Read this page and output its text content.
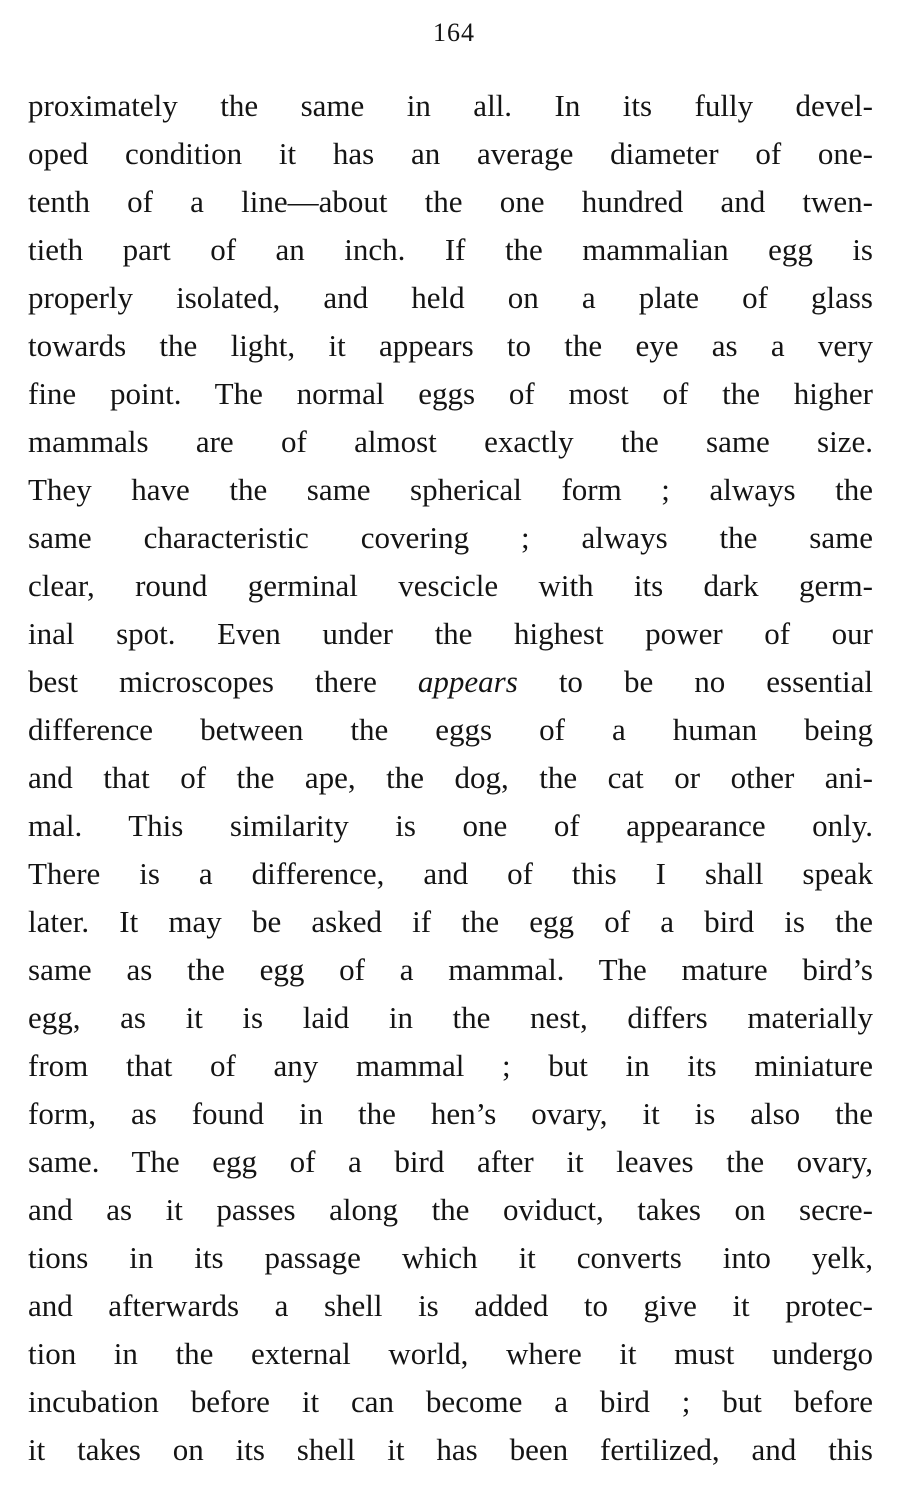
164
proximately the same in all. In its fully devel-
oped condition it has an average diameter of one-
tenth of a line—about the one hundred and twen-
tieth part of an inch. If the mammalian egg is
properly isolated, and held on a plate of glass
towards the light, it appears to the eye as a very
fine point. The normal eggs of most of the higher
mammals are of almost exactly the same size.
They have the same spherical form ; always the
same characteristic covering ; always the same
clear, round germinal vescicle with its dark germ-
inal spot. Even under the highest power of our
best microscopes there appears to be no essential
difference between the eggs of a human being
and that of the ape, the dog, the cat or other ani-
mal. This similarity is one of appearance only.
There is a difference, and of this I shall speak
later. It may be asked if the egg of a bird is the
same as the egg of a mammal. The mature bird’s
egg, as it is laid in the nest, differs materially
from that of any mammal ; but in its miniature
form, as found in the hen’s ovary, it is also the
same. The egg of a bird after it leaves the ovary,
and as it passes along the oviduct, takes on secre-
tions in its passage which it converts into yelk,
and afterwards a shell is added to give it protec-
tion in the external world, where it must undergo
incubation before it can become a bird ; but before
it takes on its shell it has been fertilized, and this
